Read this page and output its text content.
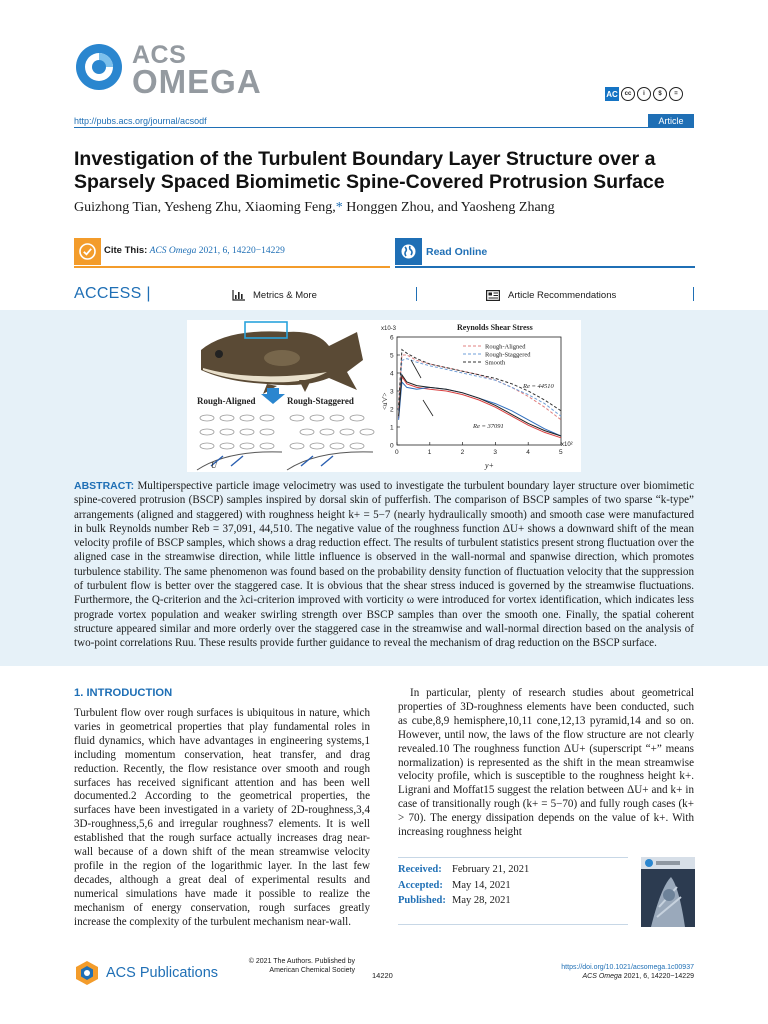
ACS
OMEGA	AC	cc	i	$	=
http://pubs.acs.org/journal/acsodf	Article
Investigation of the Turbulent Boundary Layer Structure over a Sparsely Spaced Biomimetic Spine-Covered Protrusion Surface
Guizhong Tian, Yesheng Zhu, Xiaoming Feng,* Honggen Zhou, and Yaosheng Zhang
Cite This: ACS Omega 2021, 6, 14220−14229	Read Online
ACCESS |	Metrics & More	Article Recommendations
Rough-Aligned	Rough-Staggered
U
Reynolds Shear Stress
x10-3
x10²
<u'v'>
y+
0	1	2	3	4	5
0
1
2
3
4
5
6
Rough-Aligned
Rough-Staggered
Smooth
Re = 44510
Re = 37091

ABSTRACT: Multiperspective particle image velocimetry was used to investigate the turbulent boundary layer structure over biomimetic spine-covered protrusion (BSCP) samples inspired by dorsal skin of pufferfish. The comparison of BSCP samples of two sparse “k-type” arrangements (aligned and staggered) with roughness height k+ = 5−7 (nearly hydraulically smooth) and smooth case were manufactured in bulk Reynolds number Reb = 37,091, 44,510. The negative value of the roughness function ΔU+ shows a downward shift of the mean velocity profile of BSCP samples, which shows a drag reduction effect. The results of turbulent statistics present strong fluctuation over the aligned case in the streamwise direction, while little influence is observed in the wall-normal and spanwise direction, which promotes turbulence stability. The same phenomenon was found based on the probability density function of fluctuation velocity that the suppression of turbulent flow is better over the staggered case. It is obvious that the shear stress induced is governed by the streamwise fluctuations. Furthermore, the Q-criterion and the λci-criterion improved with vorticity ω were introduced for vortex identification, which indicates less prograde vortex population and weaker swirling strength over BSCP samples than over the smooth one. Finally, the spatial coherent structure appeared similar and more orderly over the staggered case in the streamwise and wall-normal direction based on the analysis of two-point correlations Ruu. These results provide further guidance to reveal the mechanism of drag reduction on the BSCP surface.

1. INTRODUCTION

Turbulent flow over rough surfaces is ubiquitous in nature, which varies in geometrical properties that play fundamental roles in fluid dynamics, which have advantages in engineering systems,1 including momentum conservation, heat transfer, and drag reduction. Recently, the flow resistance over smooth and rough surfaces has received significant attention and has been well documented.2 According to the geometrical properties, the surfaces have been investigated in a variety of 2D-roughness,3,4 3D-roughness,5,6 and irregular roughness7 elements. It is well established that the rough surface actually increases drag near-wall because of a down shift of the mean streamwise velocity profile in the region of the logarithmic layer. In the last few decades, although a great deal of experimental results and numerical simulations have made it possible to realize the mechanism of energy conservation, rough surfaces greatly increase the complexity of the turbulent mechanism near-wall.

In particular, plenty of research studies about geometrical properties of 3D-roughness elements have been conducted, such as cube,8,9 hemisphere,10,11 cone,12,13 pyramid,14 and so on. However, until now, the laws of the flow structure are not clearly revealed.10 The roughness function ΔU+ (superscript “+” means normalization) is represented as the shift in the mean streamwise velocity profile, which is susceptible to the roughness height k+. Ligrani and Moffat15 suggest the relation between ΔU+ and k+ in case of transitionally rough (k+ = 5−70) and fully rough cases (k+ > 70). The energy dissipation depends on the value of k+. With increasing roughness height

Received: February 21, 2021
Accepted: May 14, 2021
Published: May 28, 2021
ACS Publications
© 2021 The Authors. Published by American Chemical Society
14220
https://doi.org/10.1021/acsomega.1c00937
ACS Omega 2021, 6, 14220−14229
